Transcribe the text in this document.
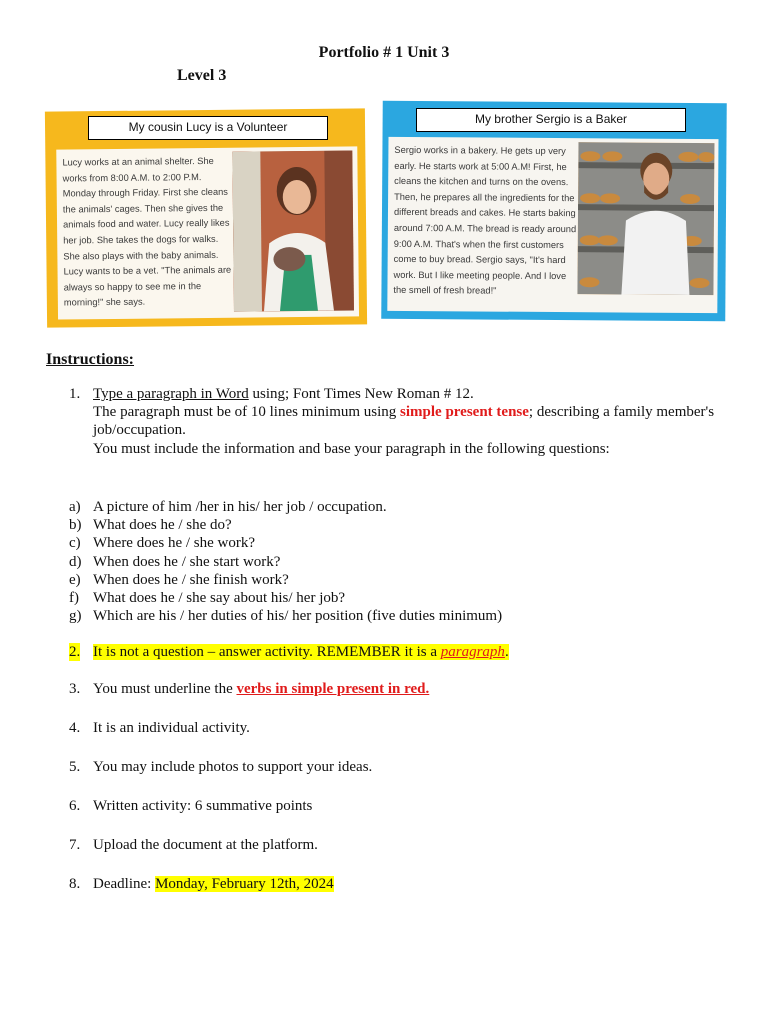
Portfolio # 1 Unit 3
Level 3
Lucy works at an animal shelter. She works from 8:00 A.M. to 2:00 P.M. Monday through Friday. First she cleans the animals' cages. Then she gives the animals food and water. Lucy really likes her job. She takes the dogs for walks. She also plays with the baby animals. Lucy wants to be a vet. "The animals are always so happy to see me in the morning!" she says.
My cousin Lucy is a Volunteer
Sergio works in a bakery. He gets up very early. He starts work at 5:00 A.M! First, he cleans the kitchen and turns on the ovens. Then, he prepares all the ingredients for the different breads and cakes. He starts baking around 7:00 A.M. The bread is ready around 9:00 A.M. That's when the first customers come to buy bread. Sergio says, "It's hard work. But I like meeting people. And I love the smell of fresh bread!"
My brother Sergio is a Baker
Instructions:
1. Type a paragraph in Word using; Font Times New Roman # 12.
The paragraph must be of 10 lines minimum using simple present tense; describing a family member's job/occupation.
You must include the information and base your paragraph in the following questions:
a) A picture of him /her in his/ her job / occupation.
b) What does he / she do?
c) Where does he / she work?
d) When does he / she start work?
e) When does he / she finish work?
f) What does he / she say about his/ her job?
g) Which are his / her duties of his/ her position (five duties minimum)
2. It is not a question – answer activity. REMEMBER it is a paragraph.
3. You must underline the verbs in simple present in red.
4. It is an individual activity.
5. You may include photos to support your ideas.
6. Written activity: 6 summative points
7. Upload the document at the platform.
8. Deadline: Monday, February 12th, 2024
